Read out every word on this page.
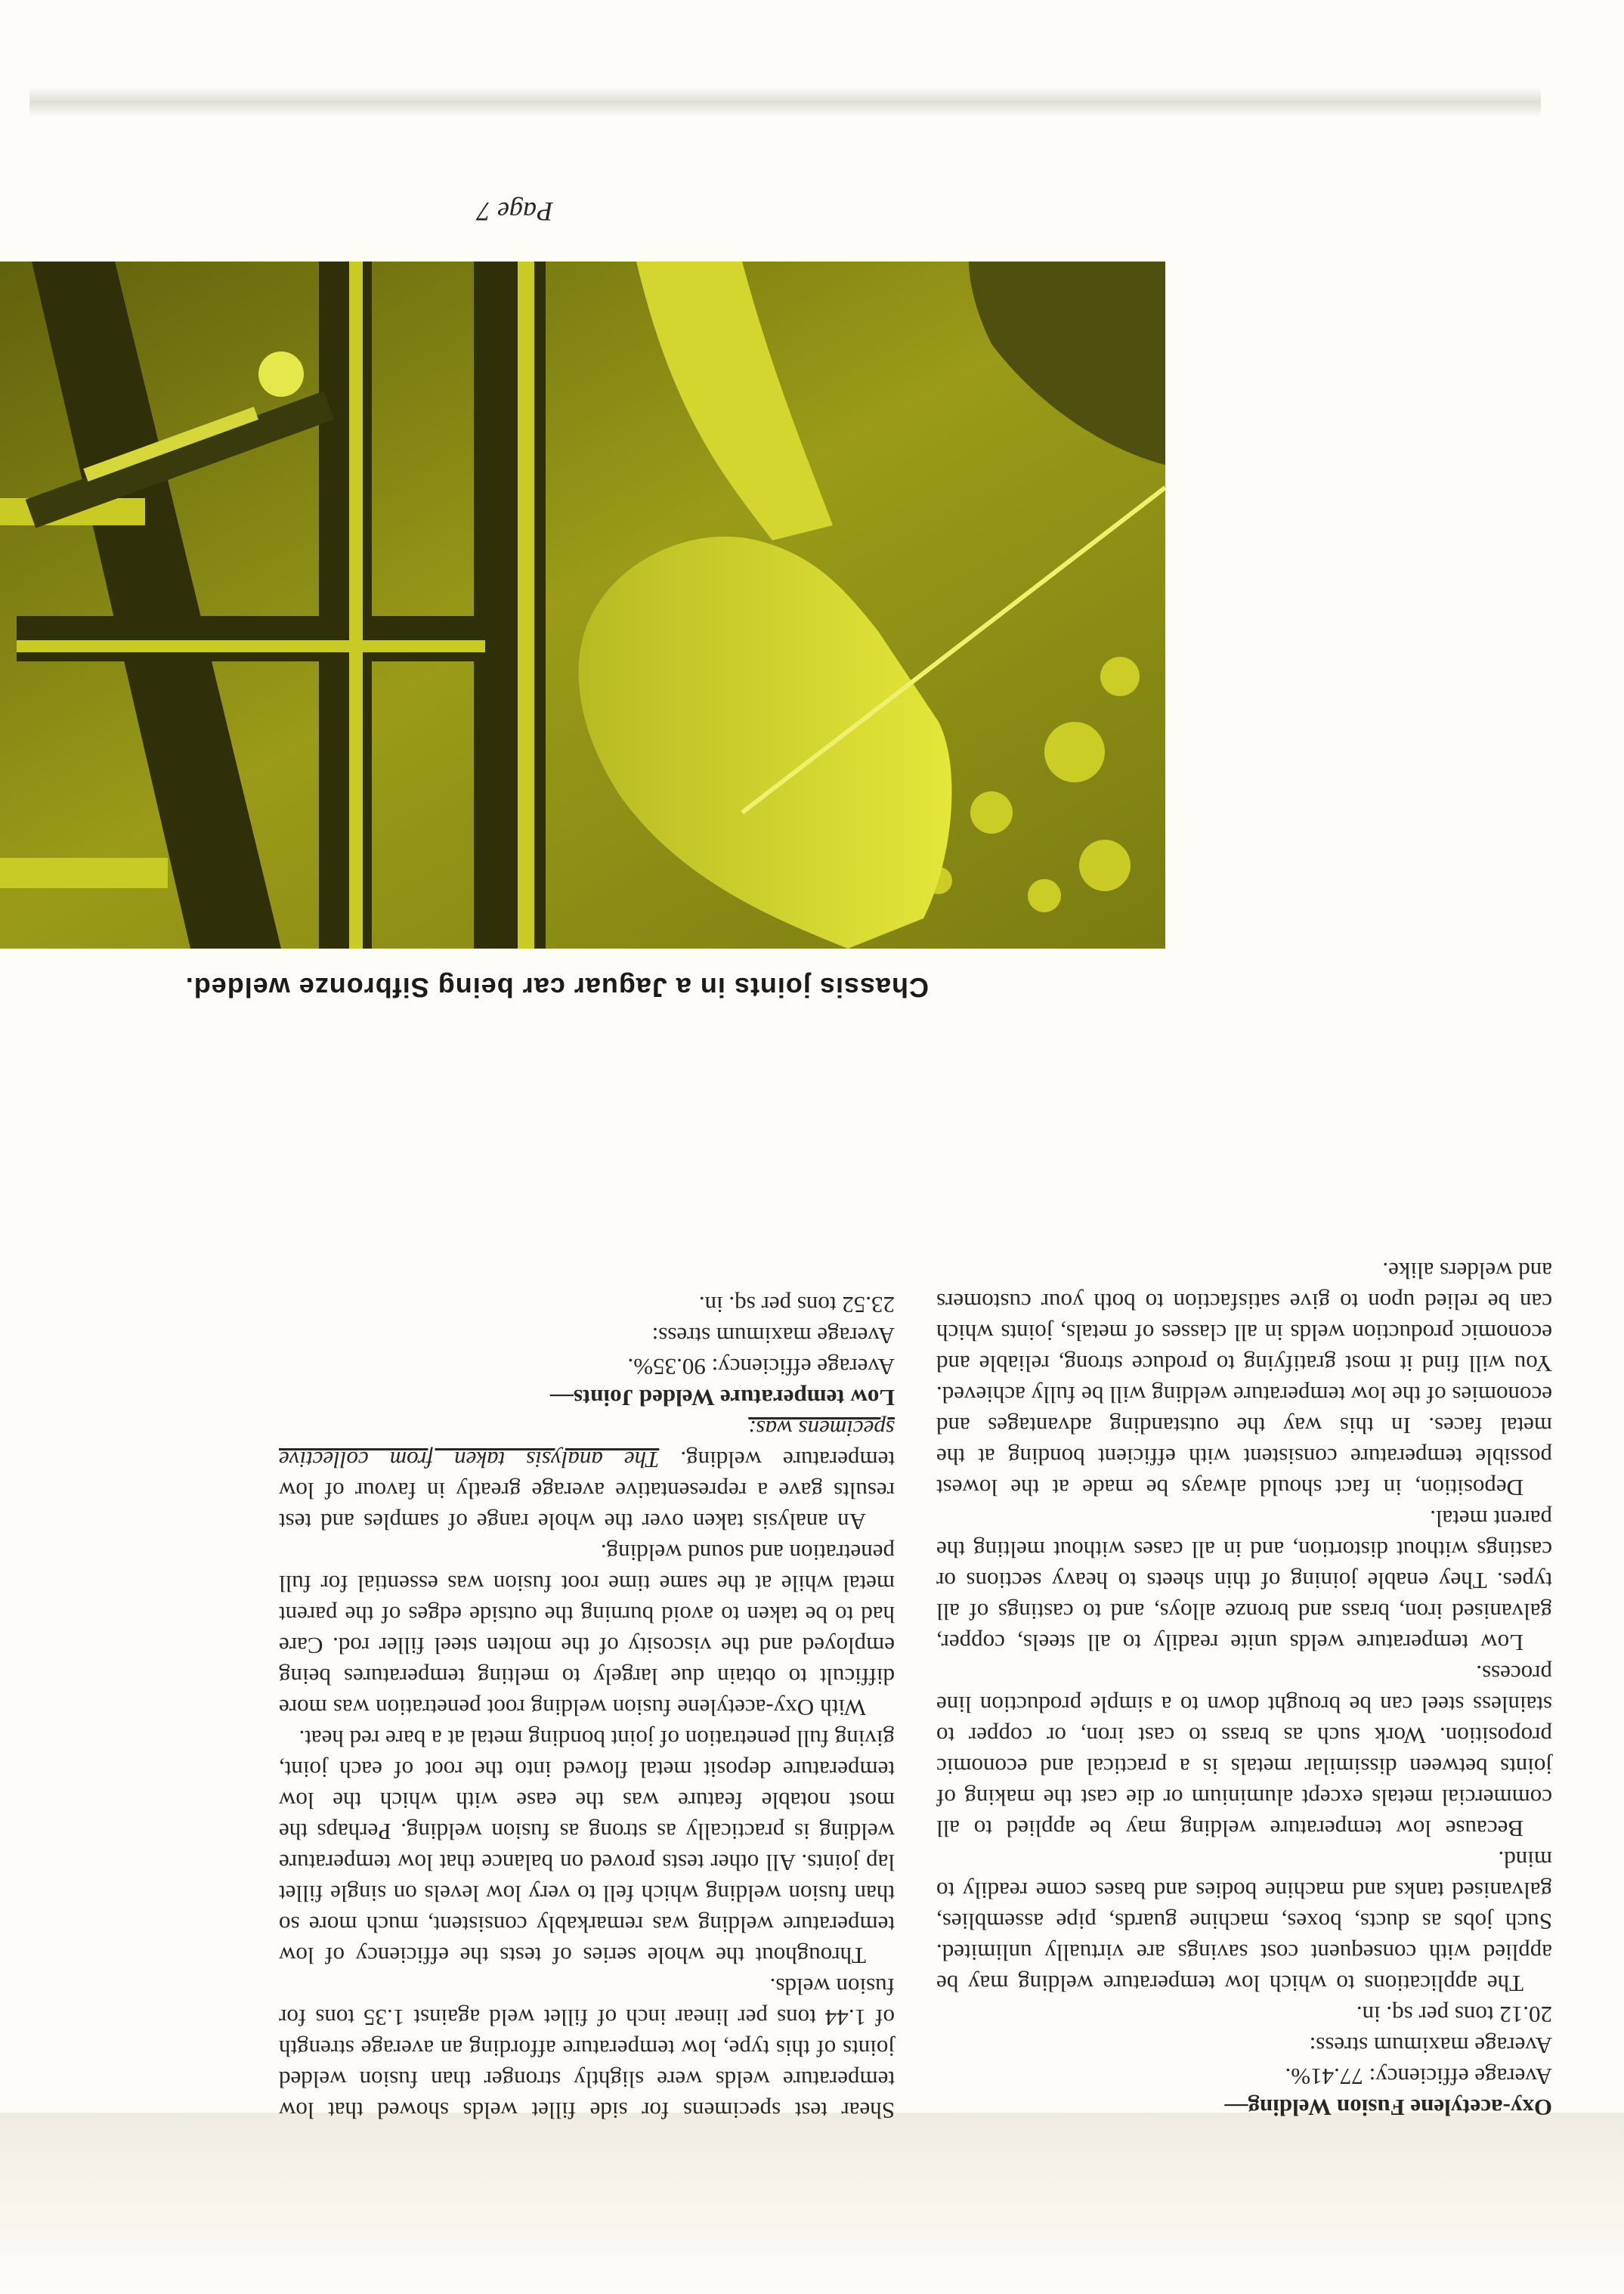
Shear test specimens for side fillet welds showed that low temperature welds were slightly stronger than fusion welded joints of this type, low temperature affording an average strength of 1.44 tons per linear inch of fillet weld against 1.35 tons for fusion welds.

Throughout the whole series of tests the efficiency of low temperature welding was remarkably consistent, much more so than fusion welding which fell to very low levels on single fillet lap joints. All other tests proved on balance that low temperature welding is practically as strong as fusion welding. Perhaps the most notable feature was the ease with which the low temperature deposit metal flowed into the root of each joint, giving full penetration of joint bonding metal at a bare red heat.

With Oxy-acetylene fusion welding root penetration was more difficult to obtain due largely to melting temperatures being employed and the viscosity of the molten steel filler rod. Care had to be taken to avoid burning the outside edges of the parent metal while at the same time root fusion was essential for full penetration and sound welding.

An analysis taken over the whole range of samples and test results gave a representative average greatly in favour of low temperature welding. The analysis taken from collective specimens was:

Low temperature Welded Joints—

Average efficiency: 90.35%.

Average maximum stress:

23.52 tons per sq. in.

Oxy-acetylene Fusion Welding—

Average efficiency: 77.41%.

Average maximum stress:

20.12 tons per sq. in.

The applications to which low temperature welding may be applied with consequent cost savings are virtually unlimited. Such jobs as ducts, boxes, machine guards, pipe assemblies, galvanised tanks and machine bodies and bases come readily to mind.

Because low temperature welding may be applied to all commercial metals except aluminium or die cast the making of joints between dissimilar metals is a practical and economic proposition. Work such as brass to cast iron, or copper to stainless steel can be brought down to a simple production line process.

Low temperature welds unite readily to all steels, copper, galvanised iron, brass and bronze alloys, and to castings of all types. They enable joining of thin sheets to heavy sections or castings without distortion, and in all cases without melting the parent metal.

Deposition, in fact should always be made at the lowest possible temperature consistent with efficient bonding at the metal faces. In this way the outstanding advantages and economies of the low temperature welding will be fully achieved. You will find it most gratifying to produce strong, reliable and economic production welds in all classes of metals, joints which can be relied upon to give satisfaction to both your customers and welders alike.

Chassis joints in a Jaguar car being Sifbronze welded.
Page 7
